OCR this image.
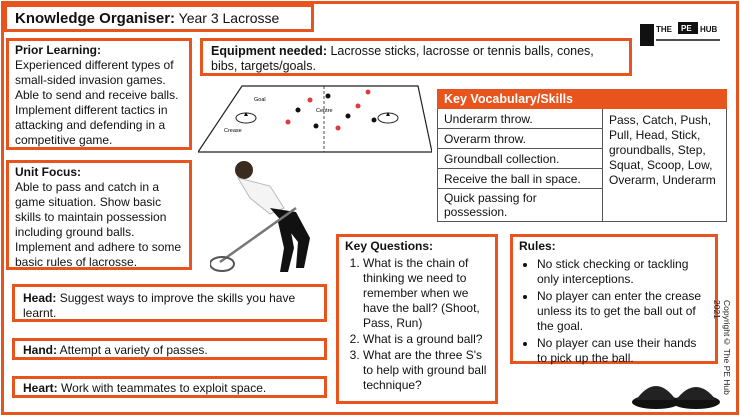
Knowledge Organiser: Year 3 Lacrosse
THE PE HUB
Prior Learning:
Experienced different types of small-sided invasion games. Able to send and receive balls. Implement different tactics in attacking and defending in a competitive game.
Equipment needed: Lacrosse sticks, lacrosse or tennis balls, cones, bibs, targets/goals.
Goal
Centre
Crease
Key Vocabulary/Skills
Underarm throw.	Pass, Catch, Push, Pull, Head, Stick, groundballs, Step, Squat, Scoop, Low, Overarm, Underarm
Overarm throw.
Groundball collection.
Receive the ball in space.
Quick passing for possession.
Unit Focus:
Able to pass and catch in a game situation. Show basic skills to maintain possession including ground balls. Implement and adhere to some basic rules of lacrosse.
Key Questions:
1. What is the chain of thinking we need to remember when we have the ball? (Shoot, Pass, Run)
2. What is a ground ball?
3. What are the three S's to help with ground ball technique?
Rules:
• No stick checking or tackling only interceptions.
• No player can enter the crease unless its to get the ball out of the goal.
• No player can use their hands to pick up the ball.
Head: Suggest ways to improve the skills you have learnt.
Hand: Attempt a variety of passes.
Heart: Work with teammates to exploit space.	Copyright© The PE Hub 2021
